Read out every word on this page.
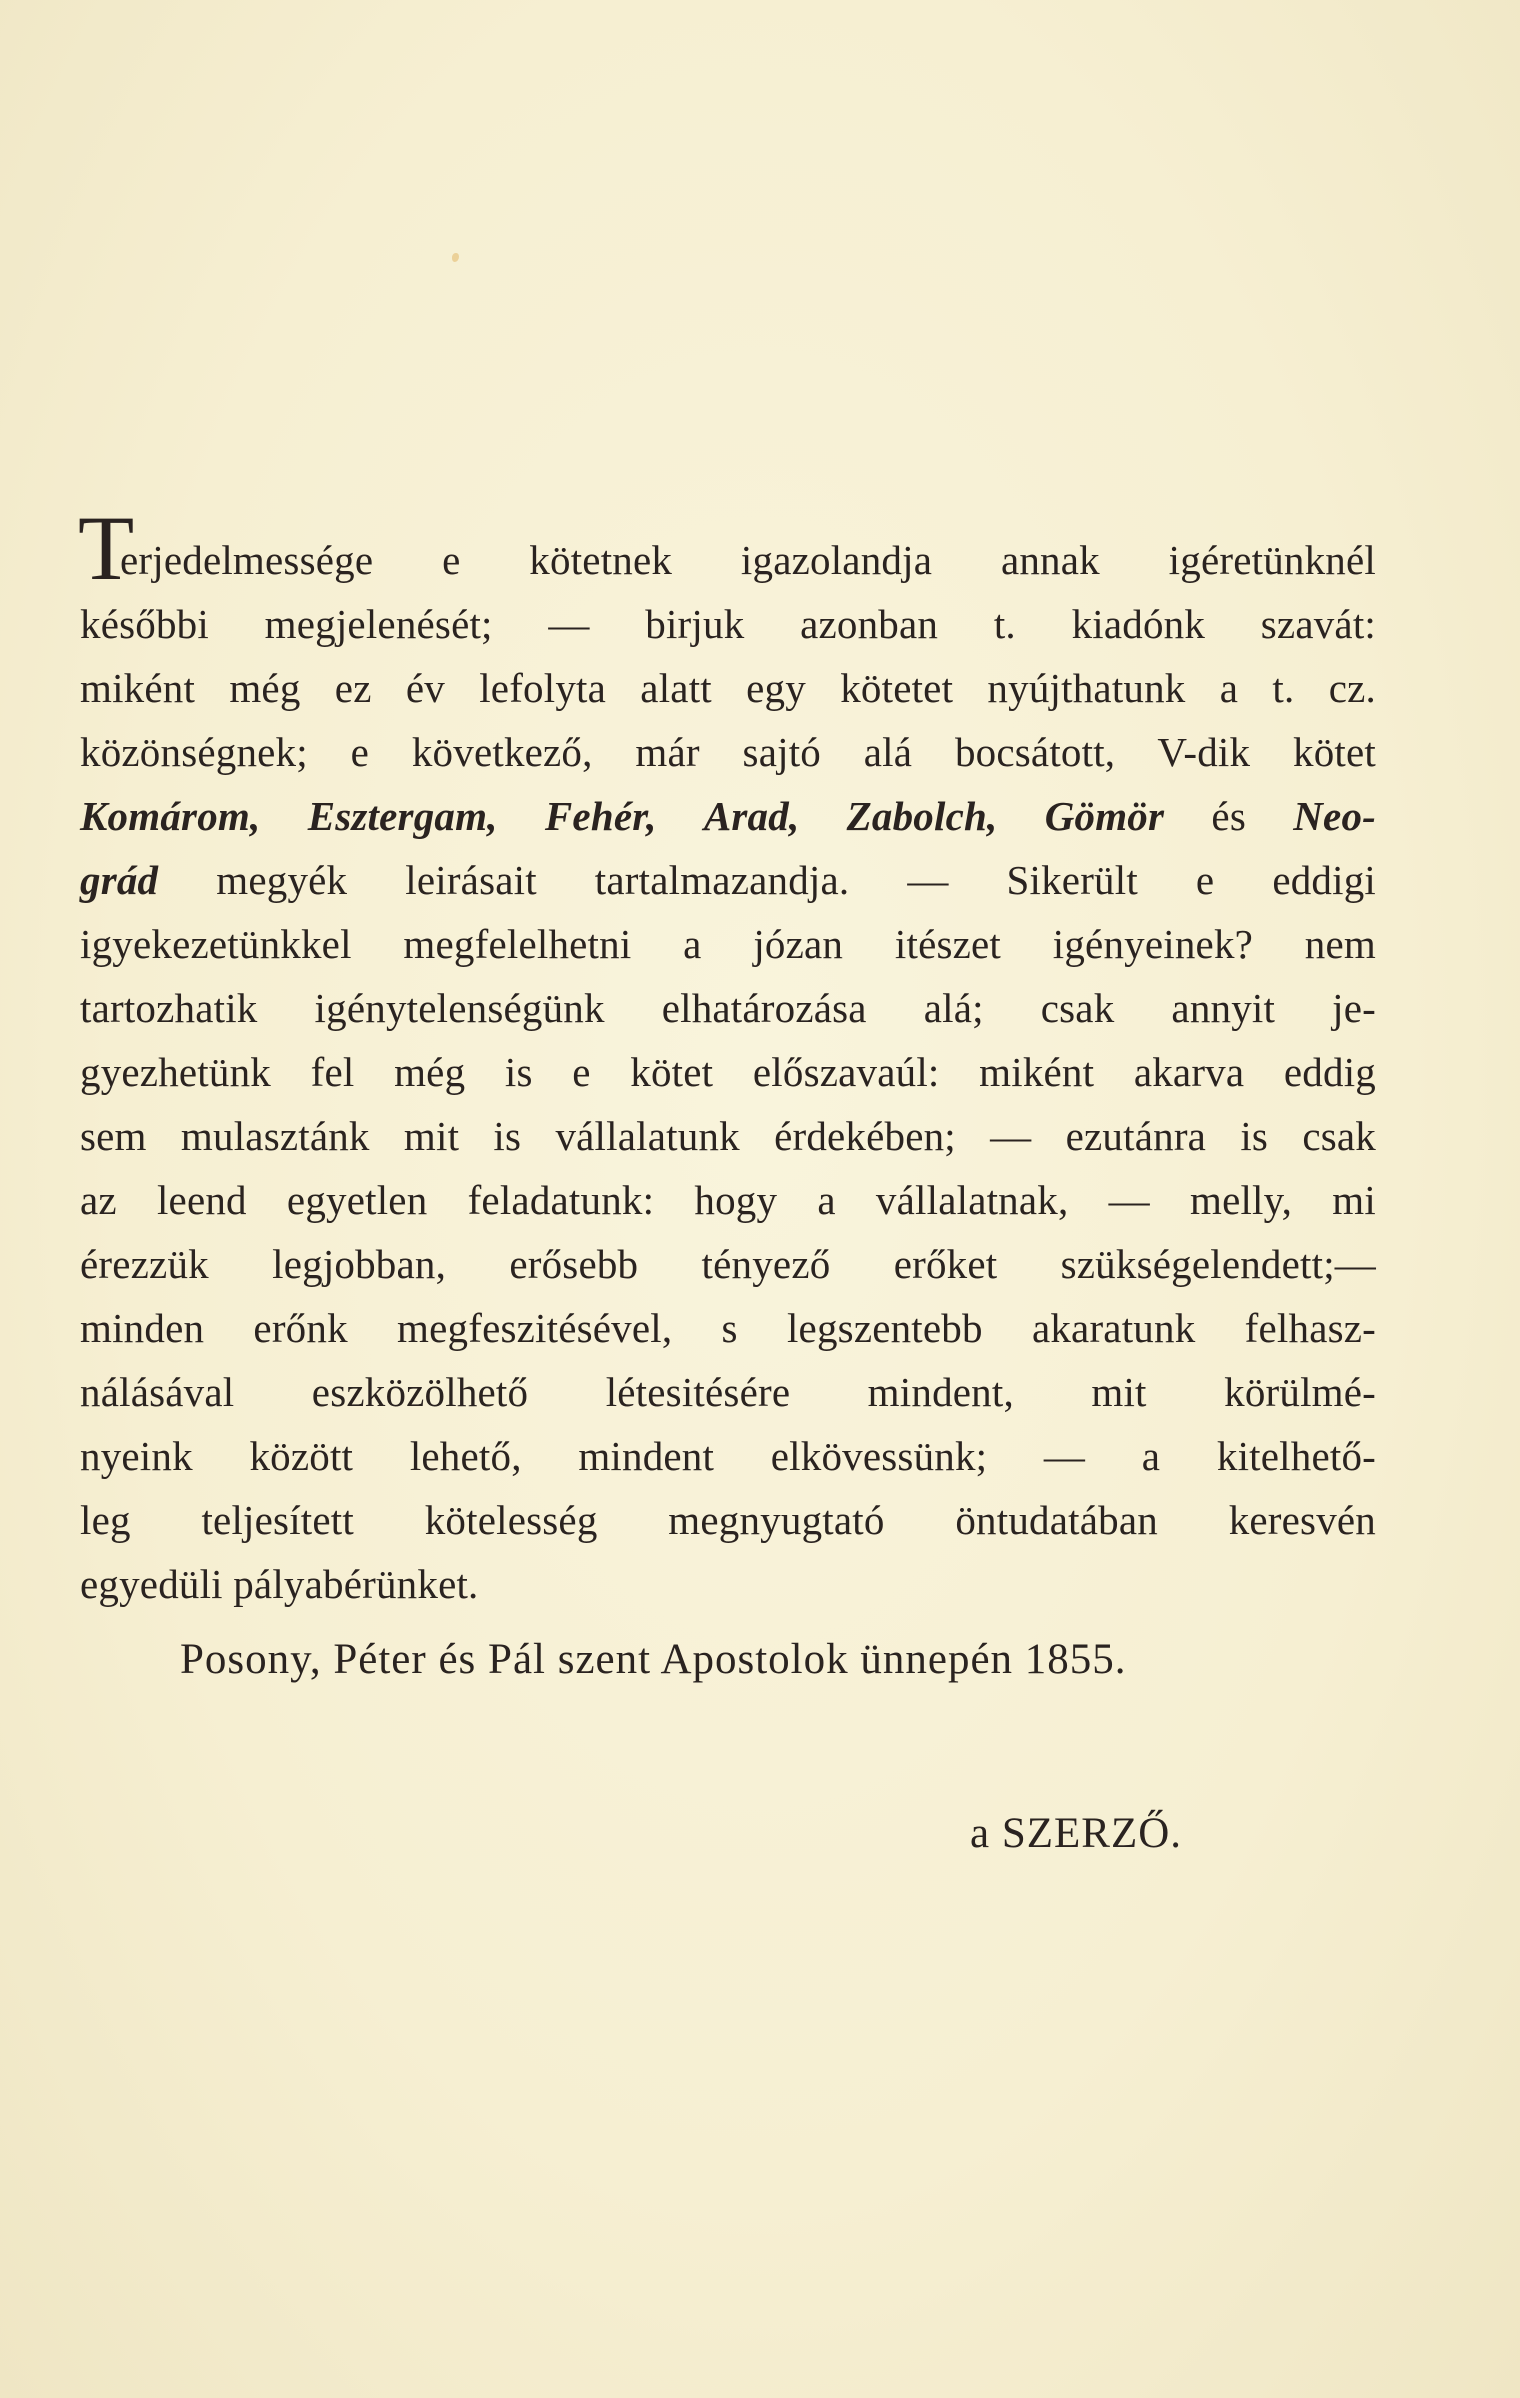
T
erjedelmessége e kötetnek igazolandja annak igéretünknél
későbbi megjelenését; — birjuk azonban t. kiadónk szavát:
miként még ez év lefolyta alatt egy kötetet nyújthatunk a t. cz.
közönségnek; e következő, már sajtó alá bocsátott, V-dik kötet
Komárom, Esztergam, Fehér, Arad, Zabolch, Gömör és Neo-
grád megyék leirásait tartalmazandja. — Sikerült e eddigi
igyekezetünkkel megfelelhetni a józan itészet igényeinek? nem
tartozhatik igénytelenségünk elhatározása alá; csak annyit je-
gyezhetünk fel még is e kötet előszavaúl: miként akarva eddig
sem mulasztánk mit is vállalatunk érdekében; — ezutánra is csak
az leend egyetlen feladatunk: hogy a vállalatnak, — melly, mi
érezzük legjobban, erősebb tényező erőket szükségelendett;—
minden erőnk megfeszitésével, s legszentebb akaratunk felhasz-
nálásával eszközölhető létesitésére mindent, mit körülmé-
nyeink között lehető, mindent elkövessünk; — a kitelhető-
leg teljesített kötelesség megnyugtató öntudatában keresvén
egyedüli pályabérünket.
Posony, Péter és Pál szent Apostolok ünnepén 1855.
a SZERZŐ.
